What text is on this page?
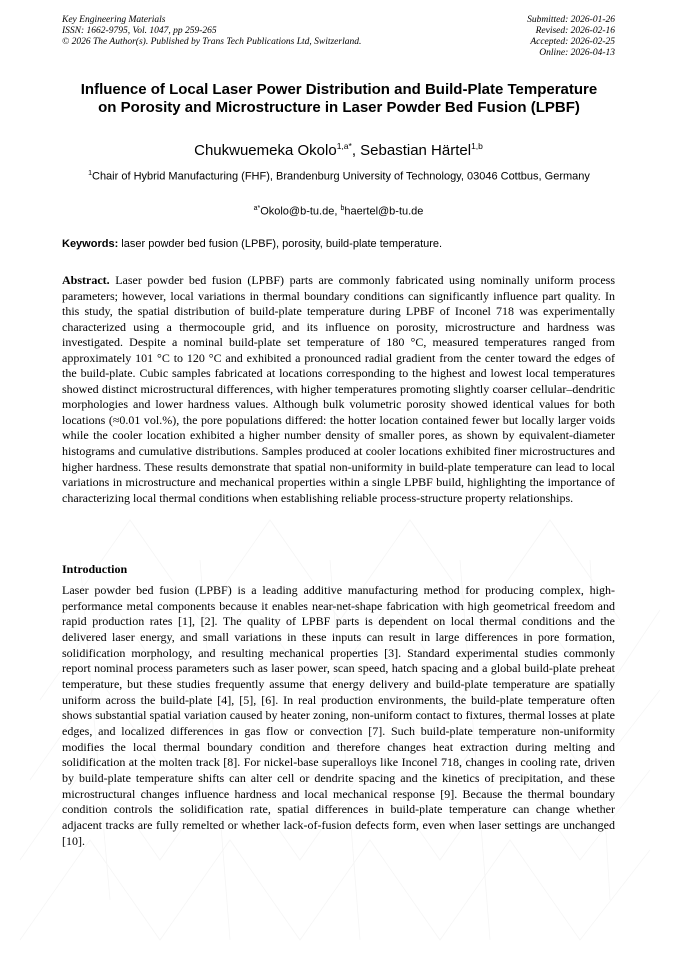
Key Engineering Materials
ISSN: 1662-9795, Vol. 1047, pp 259-265
© 2026 The Author(s). Published by Trans Tech Publications Ltd, Switzerland.
Submitted: 2026-01-26
Revised: 2026-02-16
Accepted: 2026-02-25
Online: 2026-04-13
Influence of Local Laser Power Distribution and Build-Plate Temperature on Porosity and Microstructure in Laser Powder Bed Fusion (LPBF)
Chukwuemeka Okolo$^{1,a*}$, Sebastian Härtel$^{1,b}$
$^1$Chair of Hybrid Manufacturing (FHF), Brandenburg University of Technology, 03046 Cottbus, Germany
$^{a*}$Okolo@b-tu.de, $^b$haertel@b-tu.de
Keywords: laser powder bed fusion (LPBF), porosity, build-plate temperature.

Abstract. Laser powder bed fusion (LPBF) parts are commonly fabricated using nominally uniform process parameters; however, local variations in thermal boundary conditions can significantly influence part quality. In this study, the spatial distribution of build-plate temperature during LPBF of Inconel 718 was experimentally characterized using a thermocouple grid, and its influence on porosity, microstructure and hardness was investigated. Despite a nominal build-plate set temperature of 180 °C, measured temperatures ranged from approximately 101 °C to 120 °C and exhibited a pronounced radial gradient from the center toward the edges of the build-plate. Cubic samples fabricated at locations corresponding to the highest and lowest local temperatures showed distinct microstructural differences, with higher temperatures promoting slightly coarser cellular–dendritic morphologies and lower hardness values. Although bulk volumetric porosity showed identical values for both locations (≈0.01 vol.%), the pore populations differed: the hotter location contained fewer but locally larger voids while the cooler location exhibited a higher number density of smaller pores, as shown by equivalent-diameter histograms and cumulative distributions. Samples produced at cooler locations exhibited finer microstructures and higher hardness. These results demonstrate that spatial non-uniformity in build-plate temperature can lead to local variations in microstructure and mechanical properties within a single LPBF build, highlighting the importance of characterizing local thermal conditions when establishing reliable process-structure property relationships.

Introduction

Laser powder bed fusion (LPBF) is a leading additive manufacturing method for producing complex, high-performance metal components because it enables near-net-shape fabrication with high geometrical freedom and rapid production rates [1], [2]. The quality of LPBF parts is dependent on local thermal conditions and the delivered laser energy, and small variations in these inputs can result in large differences in pore formation, solidification morphology, and resulting mechanical properties [3]. Standard experimental studies commonly report nominal process parameters such as laser power, scan speed, hatch spacing and a global build-plate preheat temperature, but these studies frequently assume that energy delivery and build-plate temperature are spatially uniform across the build-plate [4], [5], [6]. In real production environments, the build-plate temperature often shows substantial spatial variation caused by heater zoning, non-uniform contact to fixtures, thermal losses at plate edges, and localized differences in gas flow or convection [7]. Such build-plate temperature non-uniformity modifies the local thermal boundary condition and therefore changes heat extraction during melting and solidification at the molten track [8]. For nickel-base superalloys like Inconel 718, changes in cooling rate, driven by build-plate temperature shifts can alter cell or dendrite spacing and the kinetics of precipitation, and these microstructural changes influence hardness and local mechanical response [9]. Because the thermal boundary condition controls the solidification rate, spatial differences in build-plate temperature can change whether adjacent tracks are fully remelted or whether lack-of-fusion defects form, even when laser settings are unchanged [10].
